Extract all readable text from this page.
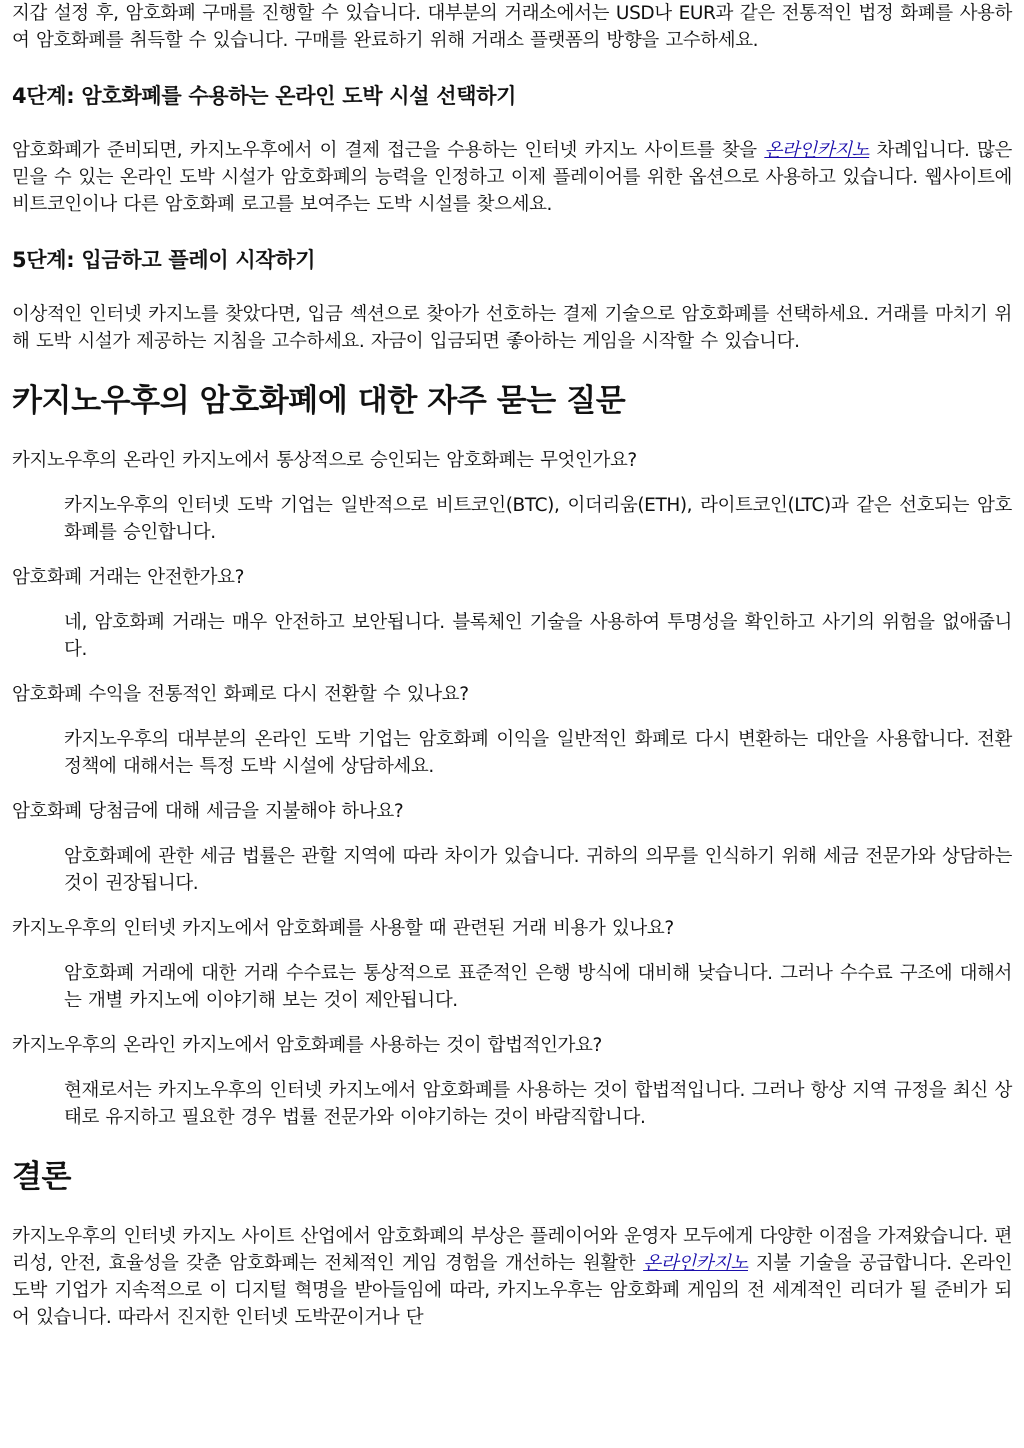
지갑 설정 후, 암호화폐 구매를 진행할 수 있습니다. 대부분의 거래소에서는 USD나 EUR과 같은 전통적인 법정 화폐를 사용하여 암호화폐를 취득할 수 있습니다. 구매를 완료하기 위해 거래소 플랫폼의 방향을 고수하세요.

4단계: 암호화폐를 수용하는 온라인 도박 시설 선택하기

암호화폐가 준비되면, 카지노우후에서 이 결제 접근을 수용하는 인터넷 카지노 사이트를 찾을 온라인카지노 차례입니다. 많은 믿을 수 있는 온라인 도박 시설가 암호화폐의 능력을 인정하고 이제 플레이어를 위한 옵션으로 사용하고 있습니다. 웹사이트에 비트코인이나 다른 암호화폐 로고를 보여주는 도박 시설를 찾으세요.

5단계: 입금하고 플레이 시작하기

이상적인 인터넷 카지노를 찾았다면, 입금 섹션으로 찾아가 선호하는 결제 기술으로 암호화폐를 선택하세요. 거래를 마치기 위해 도박 시설가 제공하는 지침을 고수하세요. 자금이 입금되면 좋아하는 게임을 시작할 수 있습니다.

카지노우후의 암호화폐에 대한 자주 묻는 질문

카지노우후의 온라인 카지노에서 통상적으로 승인되는 암호화폐는 무엇인가요?

카지노우후의 인터넷 도박 기업는 일반적으로 비트코인(BTC), 이더리움(ETH), 라이트코인(LTC)과 같은 선호되는 암호화폐를 승인합니다.

암호화폐 거래는 안전한가요?

네, 암호화폐 거래는 매우 안전하고 보안됩니다. 블록체인 기술을 사용하여 투명성을 확인하고 사기의 위험을 없애줍니다.

암호화폐 수익을 전통적인 화폐로 다시 전환할 수 있나요?

카지노우후의 대부분의 온라인 도박 기업는 암호화폐 이익을 일반적인 화폐로 다시 변환하는 대안을 사용합니다. 전환 정책에 대해서는 특정 도박 시설에 상담하세요.

암호화폐 당첨금에 대해 세금을 지불해야 하나요?

암호화폐에 관한 세금 법률은 관할 지역에 따라 차이가 있습니다. 귀하의 의무를 인식하기 위해 세금 전문가와 상담하는 것이 권장됩니다.

카지노우후의 인터넷 카지노에서 암호화폐를 사용할 때 관련된 거래 비용가 있나요?

암호화폐 거래에 대한 거래 수수료는 통상적으로 표준적인 은행 방식에 대비해 낮습니다. 그러나 수수료 구조에 대해서는 개별 카지노에 이야기해 보는 것이 제안됩니다.

카지노우후의 온라인 카지노에서 암호화폐를 사용하는 것이 합법적인가요?

현재로서는 카지노우후의 인터넷 카지노에서 암호화폐를 사용하는 것이 합법적입니다. 그러나 항상 지역 규정을 최신 상태로 유지하고 필요한 경우 법률 전문가와 이야기하는 것이 바람직합니다.

결론

카지노우후의 인터넷 카지노 사이트 산업에서 암호화폐의 부상은 플레이어와 운영자 모두에게 다양한 이점을 가져왔습니다. 편리성, 안전, 효율성을 갖춘 암호화폐는 전체적인 게임 경험을 개선하는 원활한 온라인카지노 지불 기술을 공급합니다. 온라인 도박 기업가 지속적으로 이 디지털 혁명을 받아들임에 따라, 카지노우후는 암호화폐 게임의 전 세계적인 리더가 될 준비가 되어 있습니다. 따라서 진지한 인터넷 도박꾼이거나 단
